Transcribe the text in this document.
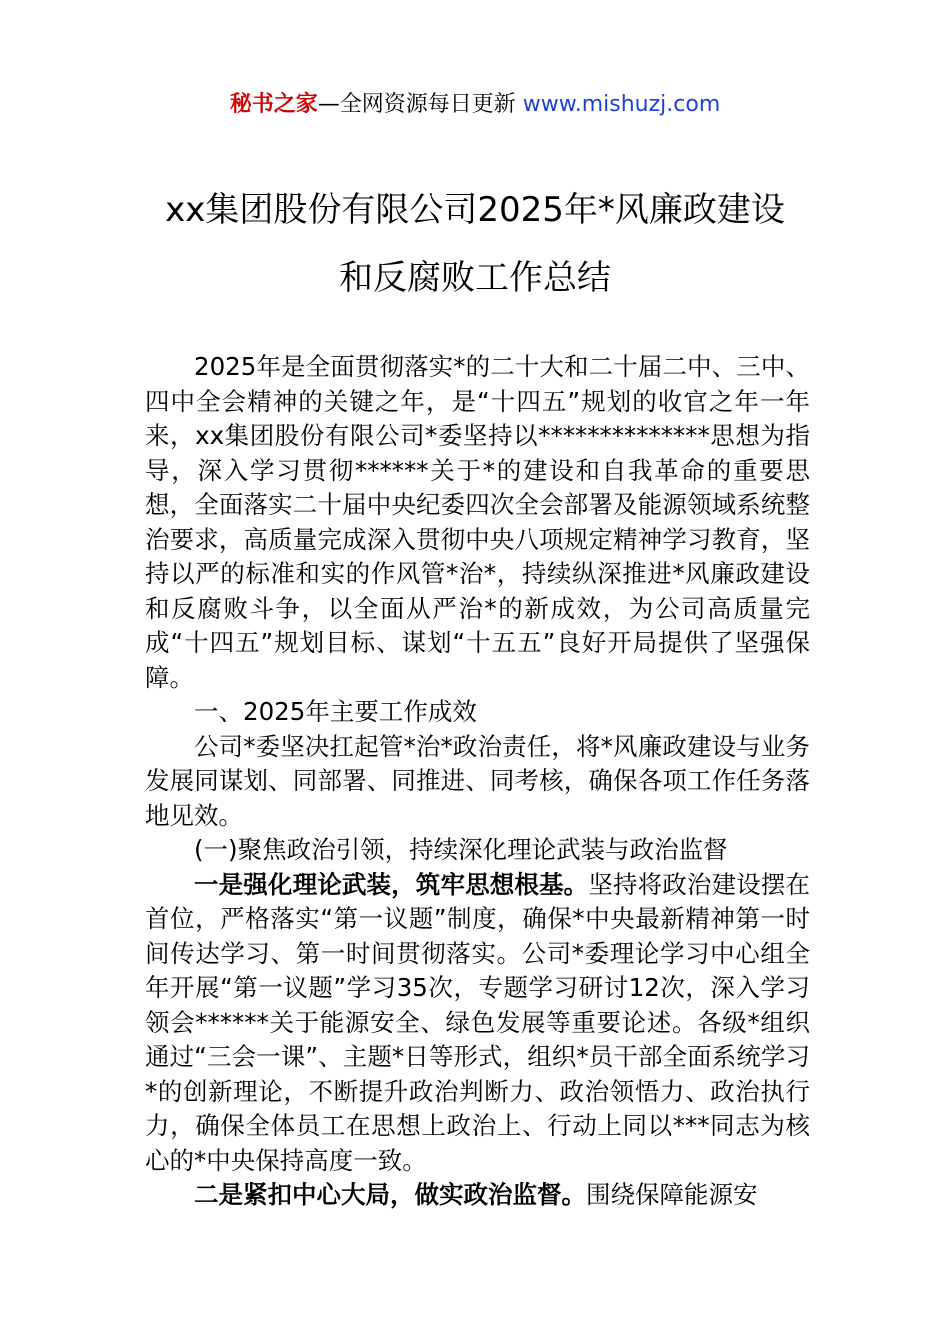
秘书之家—全网资源每日更新 www.mishuzj.com
xx集团股份有限公司2025年*风廉政建设
和反腐败工作总结

2025年是全面贯彻落实*的二十大和二十届二中、三中、四中全会精神的关键之年，是“十四五”规划的收官之年一年来，xx集团股份有限公司*委坚持以**************思想为指导，深入学习贯彻******关于*的建设和自我革命的重要思想，全面落实二十届中央纪委四次全会部署及能源领域系统整治要求，高质量完成深入贯彻中央八项规定精神学习教育，坚持以严的标准和实的作风管*治*，持续纵深推进*风廉政建设和反腐败斗争，以全面从严治*的新成效，为公司高质量完成“十四五”规划目标、谋划“十五五”良好开局提供了坚强保障。

一、2025年主要工作成效

公司*委坚决扛起管*治*政治责任，将*风廉政建设与业务发展同谋划、同部署、同推进、同考核，确保各项工作任务落地见效。

(一)聚焦政治引领，持续深化理论武装与政治监督

一是强化理论武装，筑牢思想根基。坚持将政治建设摆在首位，严格落实“第一议题”制度，确保*中央最新精神第一时间传达学习、第一时间贯彻落实。公司*委理论学习中心组全年开展“第一议题”学习35次，专题学习研讨12次，深入学习领会******关于能源安全、绿色发展等重要论述。各级*组织通过“三会一课”、主题*日等形式，组织*员干部全面系统学习*的创新理论，不断提升政治判断力、政治领悟力、政治执行力，确保全体员工在思想上政治上、行动上同以***同志为核心的*中央保持高度一致。

二是紧扣中心大局，做实政治监督。围绕保障能源安
